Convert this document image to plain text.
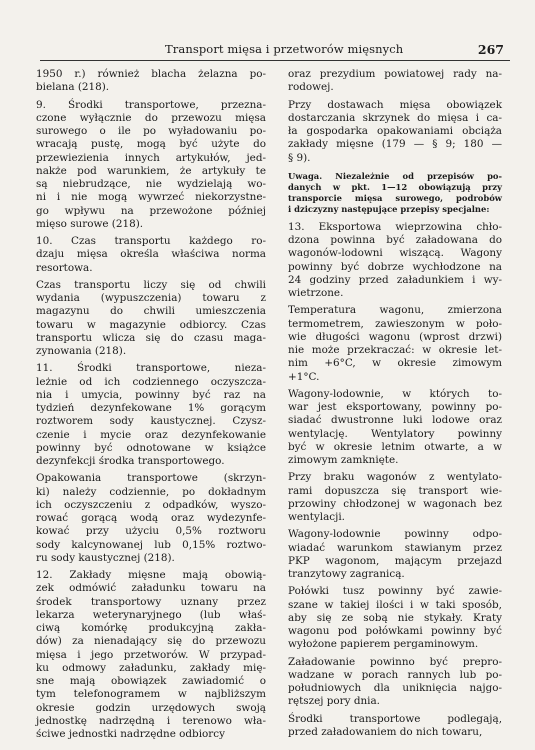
Transport mięsa i przetworów mięsnych	267
1950 r.) również blacha żelazna po-
bielana (218).
9. Środki transportowe, przezna-
czone wyłącznie do przewozu mięsa
surowego o ile po wyładowaniu po-
wracają pustę, mogą być użyte do
przewiezienia innych artykułów, jed-
nakże pod warunkiem, że artykuły te
są niebrudzące, nie wydzielają wo-
ni i nie mogą wywrzeć niekorzystne-
go wpływu na przewożone później
mięso surowe (218).
10. Czas transportu każdego ro-
dzaju mięsa określa właściwa norma
resortowa.
Czas transportu liczy się od chwili
wydania (wypuszczenia) towaru z
magazynu do chwili umieszczenia
towaru w magazynie odbiorcy. Czas
transportu wlicza się do czasu maga-
zynowania (218).
11. Środki transportowe, nieza-
leżnie od ich codziennego oczyszcza-
nia i umycia, powinny być raz na
tydzień dezynfekowane 1% gorącym
roztworem sody kaustycznej. Czysz-
czenie i mycie oraz dezynfekowanie
powinny być odnotowane w książce
dezynfekcji środka transportowego.
Opakowania transportowe (skrzyn-
ki) należy codziennie, po dokładnym
ich oczyszczeniu z odpadków, wyszo-
rować gorącą wodą oraz wydezynfe-
kować przy użyciu 0,5% roztworu
sody kalcynowanej lub 0,15% roztwo-
ru sody kaustycznej (218).
12. Zakłady mięsne mają obowią-
zek odmówić załadunku towaru na
środek transportowy uznany przez
lekarza weterynaryjnego (lub właś-
ciwą komórkę produkcyjną zakła-
dów) za nienadający się do przewozu
mięsa i jego przetworów. W przypad-
ku odmowy załadunku, zakłady mię-
sne mają obowiązek zawiadomić o
tym telefonogramem w najbliższym
okresie godzin urzędowych swoją
jednostkę nadrzędną i terenowo wła-
ściwe jednostki nadrzędne odbiorcy
oraz prezydium powiatowej rady na-
rodowej.
Przy dostawach mięsa obowiązek
dostarczania skrzynek do mięsa i ca-
ła gospodarka opakowaniami obciąża
zakłady mięsne (179 — § 9; 180 —
§ 9).
Uwaga. Niezależnie od przepisów po-
danych w pkt. 1—12 obowiązują przy
transporcie mięsa surowego, podrobów
i dziczyzny następujące przepisy specjalne:
13. Eksportowa wieprzowina chło-
dzona powinna być załadowana do
wagonów-lodowni wiszącą. Wagony
powinny być dobrze wychłodzone na
24 godziny przed załadunkiem i wy-
wietrzone.
Temperatura wagonu, zmierzona
termometrem, zawieszonym w poło-
wie długości wagonu (wprost drzwi)
nie może przekraczać: w okresie let-
nim +6°C, w okresie zimowym
+1°C.
Wagony-lodownie, w których to-
war jest eksportowany, powinny po-
siadać dwustronne luki lodowe oraz
wentylację. Wentylatory powinny
być w okresie letnim otwarte, a w
zimowym zamknięte.
Przy braku wagonów z wentylato-
rami dopuszcza się transport wie-
przowiny chłodzonej w wagonach bez
wentylacji.
Wagony-lodownie powinny odpo-
wiadać warunkom stawianym przez
PKP wagonom, mającym przejazd
tranzytowy zagranicą.
Połówki tusz powinny być zawie-
szane w takiej ilości i w taki sposób,
aby się ze sobą nie stykały. Kraty
wagonu pod połówkami powinny być
wyłożone papierem pergaminowym.
Załadowanie powinno być prepro-
wadzane w porach rannych lub po-
południowych dla uniknięcia najgo-
rętszej pory dnia.
Środki transportowe podlegają,
przed załadowaniem do nich towaru,
